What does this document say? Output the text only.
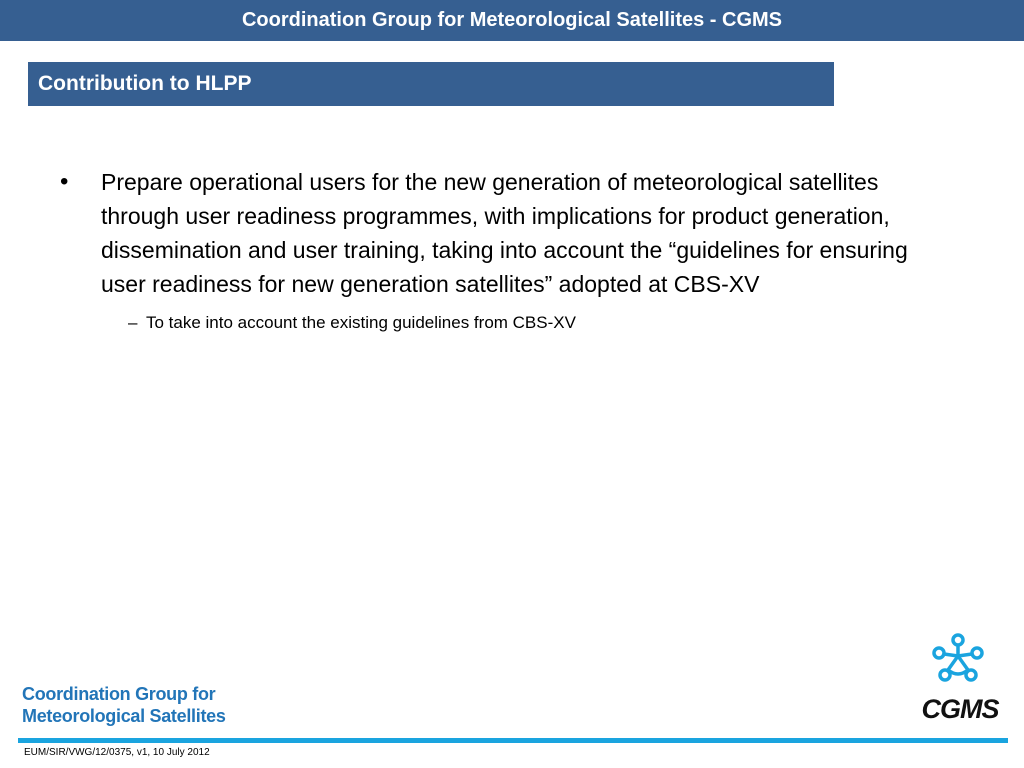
Coordination Group for Meteorological Satellites - CGMS
Contribution to HLPP
•	Prepare operational users for the new generation of meteorological satellites through user readiness programmes, with implications for product generation, dissemination and user training, taking into account the “guidelines for ensuring user readiness for new generation satellites” adopted at CBS-XV
– To take into account the existing guidelines from CBS-XV
Coordination Group for
Meteorological Satellites	CGMS
EUM/SIR/VWG/12/0375, v1, 10 July 2012
